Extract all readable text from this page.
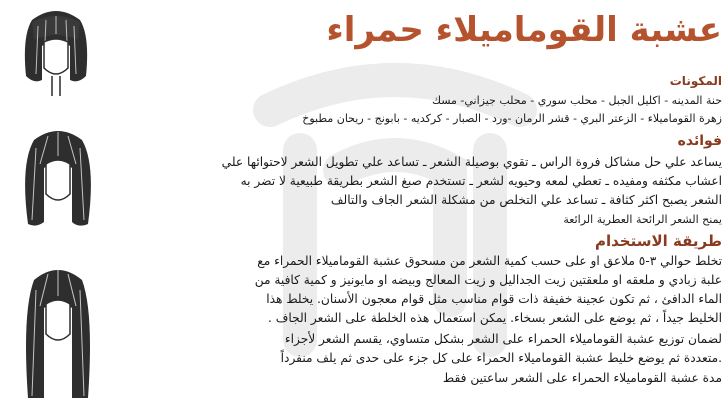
عشبة القوماميلاء حمراء
المكونات

حنة المدينه - اكليل الجبل - محلب سوري - محلب جيزاني- مسك

زهرة القوماميلاء - الزعتر البري - قشر الرمان -ورد - الصبار - كركديه - بابونج - ريحان مطبوخ

فوائده

يساعد علي حل مشاكل فروة الراس ـ تقوي بوصيلة الشعر ـ تساعد علي تطويل الشعر لاحتوائها علي

اعشاب مكثفه ومفيده ـ تعطي لمعه وحيويه لشعر ـ تستخدم صبغ الشعر بطريقة طبيعية لا تضر به

الشعر يصبح اكثر كثافة ـ تساعد علي التخلص من مشكلة الشعر الجاف والتالف

يمنح الشعر الرائحة العطرية الرائعة

طريقة الاستخدام

تخلط حوالي ٣-٥ ملاعق او على حسب كمية الشعر من مسحوق عشبة القوماميلاء الحمراء مع

علبة زبادي و ملعقه او ملعقتين زيت الجداليل و زيت المعالج وبيضه او مايونيز و كمية كافية من

الماء الدافئ ، ثم تكون عجينة خفيفة ذات قوام مناسب مثل قوام معجون الأسنان. يخلط هذا

الخليط جيداً ، ثم يوضع على الشعر بسخاء. يمكن استعمال هذه الخلطة على الشعر الجاف .

لضمان توزيع عشبة القوماميلاء الحمراء على الشعر بشكل متساوي، يقسم الشعر لأجزاء

.متعددة ثم يوضع خليط عشبة القوماميلاء الحمراء على كل جزء على حدى ثم يلف منفرداً

مدة عشبة القوماميلاء الحمراء على الشعر ساعتين فقط
